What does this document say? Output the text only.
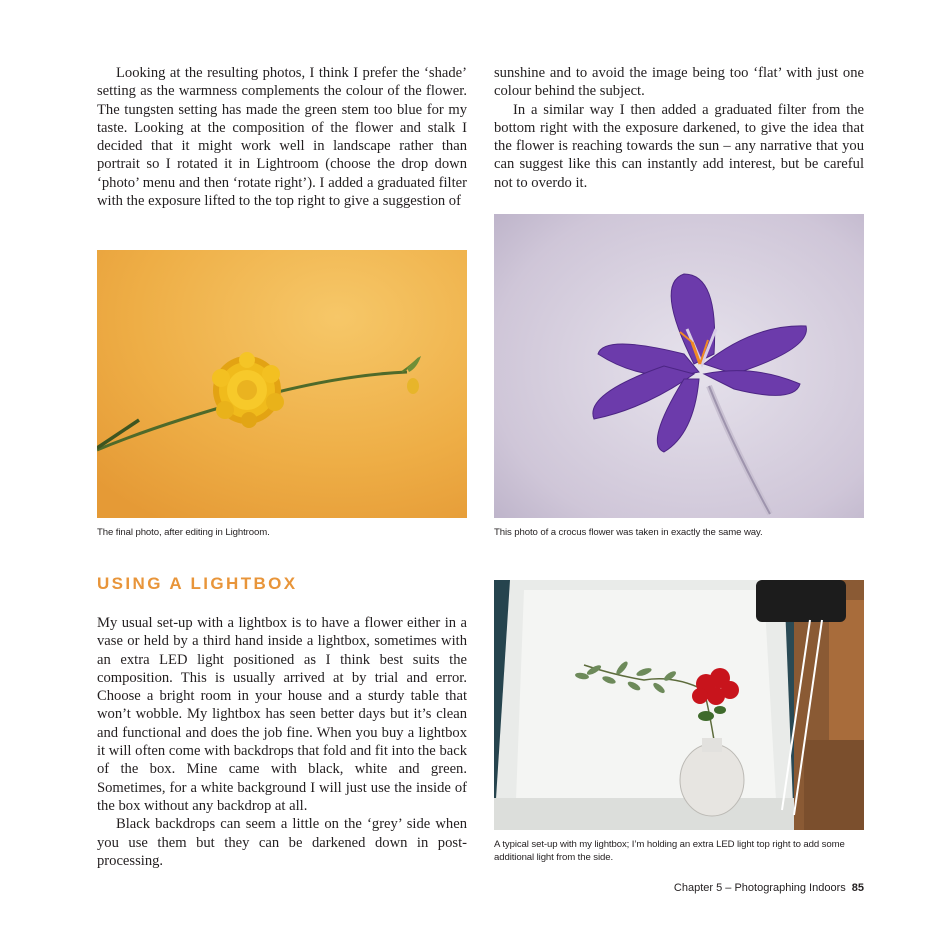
Looking at the resulting photos, I think I prefer the ‘shade’ setting as the warmness complements the colour of the flower. The tungsten setting has made the green stem too blue for my taste. Looking at the composition of the flower and stalk I decided that it might work well in landscape rather than portrait so I rotated it in Lightroom (choose the drop down ‘photo’ menu and then ‘rotate right’). I added a graduated filter with the exposure lifted to the top right to give a suggestion of

sunshine and to avoid the image being too ‘flat’ with just one colour behind the subject.

In a similar way I then added a graduated filter from the bottom right with the exposure darkened, to give the idea that the flower is reaching towards the sun – any narrative that you can suggest like this can instantly add interest, but be careful not to overdo it.

The final photo, after editing in Lightroom.	This photo of a crocus flower was taken in exactly the same way.
USING A LIGHTBOX

My usual set-up with a lightbox is to have a flower either in a vase or held by a third hand inside a lightbox, sometimes with an extra LED light positioned as I think best suits the composition. This is usually arrived at by trial and error. Choose a bright room in your house and a sturdy table that won’t wobble. My lightbox has seen better days but it’s clean and functional and does the job fine. When you buy a lightbox it will often come with backdrops that fold and fit into the back of the box. Mine came with black, white and green. Sometimes, for a white background I will just use the inside of the box without any backdrop at all.

Black backdrops can seem a little on the ‘grey’ side when you use them but they can be darkened down in post-processing.

A typical set-up with my lightbox; I’m holding an extra LED light top right to add some additional light from the side.
Chapter 5 – Photographing Indoors 85
